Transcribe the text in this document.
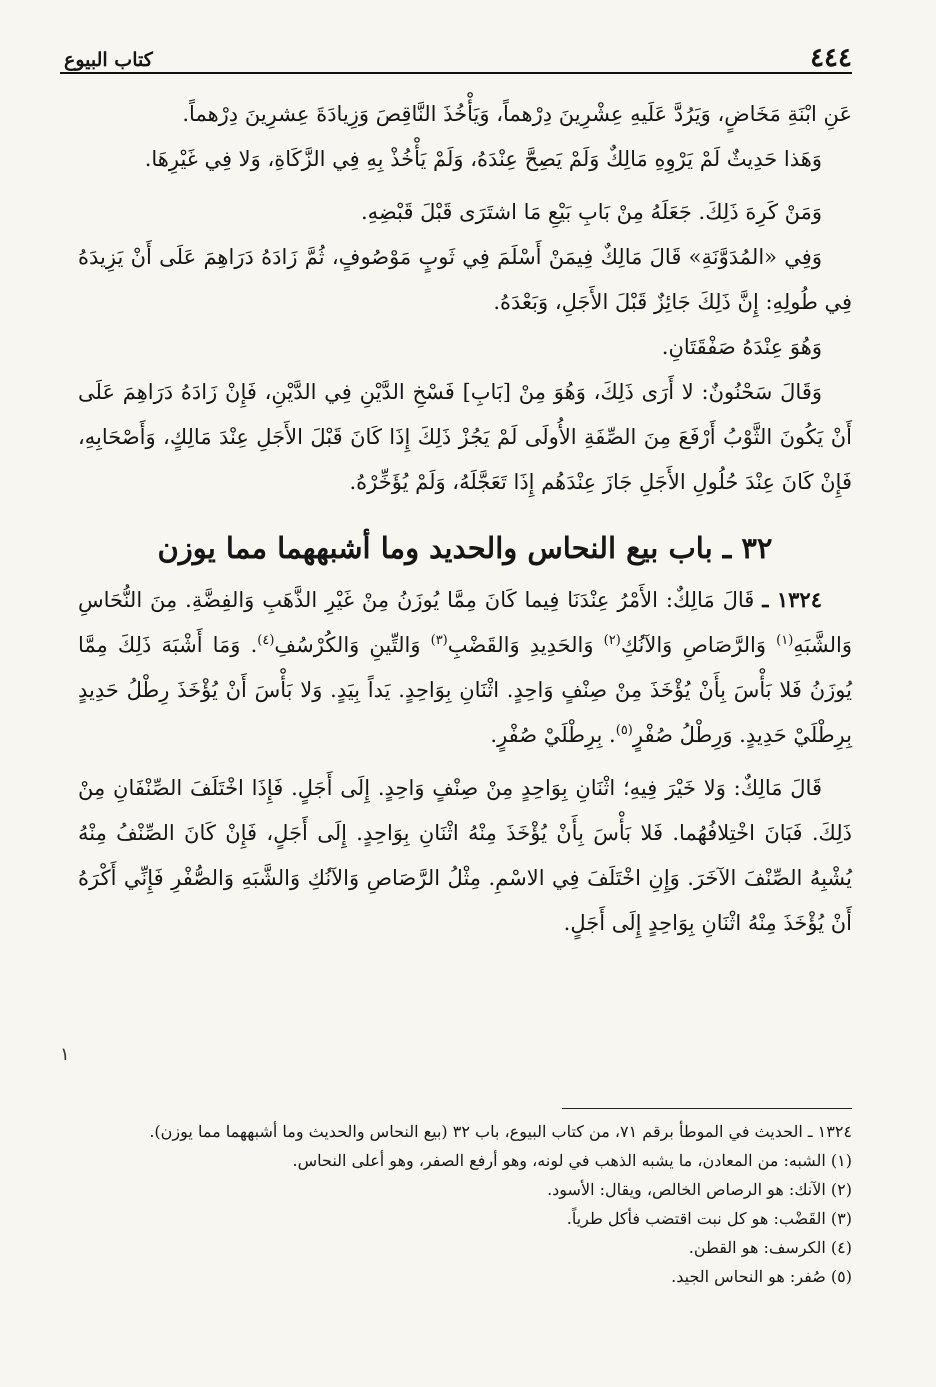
٤٤٤
كتاب البيوع

عَنِ ابْنَةِ مَخَاضٍ، وَيَرُدَّ عَلَيهِ عِشْرِينَ دِرْهماً، وَيَأْخُذَ النَّاقِصَ وَزِيادَةَ عِشرِينَ دِرْهماً.

وَهَذا حَدِيثٌ لَمْ يَرْوِهِ مَالِكٌ وَلَمْ يَصِحَّ عِنْدَهُ، وَلَمْ يَأْخُذْ بِهِ فِي الزَّكَاةِ، وَلا فِي غَيْرِهَا.

وَمَنْ كَرِهَ ذَلِكَ. جَعَلَهُ مِنْ بَابِ بَيْعِ مَا اشتَرَى قَبْلَ قَبْضِهِ.

وَفِي «المُدَوَّنَةِ» قَالَ مَالِكٌ فِيمَنْ أَسْلَمَ فِي ثَوبٍ مَوْصُوفٍ، ثُمَّ زَادَهُ دَرَاهِمَ عَلَى أَنْ يَزِيدَهُ فِي طُولِهِ: إِنَّ ذَلِكَ جَائِزٌ قَبْلَ الأَجَلِ، وَبَعْدَهُ.

وَهُوَ عِنْدَهُ صَفْقَتَانِ.

وَقَالَ سَحْنُونٌ: لا أَرَى ذَلِكَ، وَهُوَ مِنْ [بَابِ] فَسْخِ الدَّيْنِ فِي الدَّيْنِ، فَإِنْ زَادَهُ دَرَاهِمَ عَلَى أَنْ يَكُونَ الثَّوْبُ أَرْفَعَ مِنَ الصِّفَةِ الأُولَى لَمْ يَجُزْ ذَلِكَ إِذَا كَانَ قَبْلَ الأَجَلِ عِنْدَ مَالِكٍ، وَأَصْحَابِهِ، فَإِنْ كَانَ عِنْدَ حُلُولِ الأَجَلِ جَازَ عِنْدَهُم إِذَا تَعَجَّلَهُ، وَلَمْ يُؤَخِّرْهُ.

٣٢ ـ باب بيع النحاس والحديد وما أشبههما مما يوزن

١٣٢٤ ـ قَالَ مَالِكٌ: الأَمْرُ عِنْدَنَا فِيما كَانَ مِمَّا يُوزَنُ مِنْ غَيْرِ الذَّهَبِ وَالفِضَّةِ. مِنَ النُّحَاسِ وَالشَّبَهِ$^{(١)}$ وَالرَّصَاصِ وَالآنُكِ$^{(٢)}$ وَالحَدِيدِ وَالقَضْبِ$^{(٣)}$ وَالتِّينِ وَالكُرْسُفِ$^{(٤)}$. وَمَا أَشْبَهَ ذَلِكَ مِمَّا يُوزَنُ فَلا بَأْسَ بِأَنْ يُؤْخَذَ مِنْ صِنْفٍ وَاحِدٍ. اثْنَانِ بِوَاحِدٍ. يَداً بِيَدٍ. وَلا بَأْسَ أَنْ يُؤْخَذَ رِطْلُ حَدِيدٍ بِرِطْلَيْ حَدِيدٍ. وَرِطْلُ صُفْرٍ$^{(٥)}$. بِرِطْلَيْ صُفْرٍ.

قَالَ مَالِكٌ: وَلا خَيْرَ فِيهِ؛ اثْنَانِ بِوَاحِدٍ مِنْ صِنْفٍ وَاحِدٍ. إِلَى أَجَلٍ. فَإِذَا اخْتَلَفَ الصِّنْفَانِ مِنْ ذَلِكَ. فَبَانَ اخْتِلافُهُما. فَلا بَأْسَ بِأَنْ يُؤْخَذَ مِنْهُ اثْنَانِ بِوَاحِدٍ. إِلَى أَجَلٍ، فَإِنْ كَانَ الصِّنْفُ مِنْهُ يُشْبِهُ الصِّنْفَ الآخَرَ. وَإِنِ اخْتَلَفَ فِي الاسْمِ. مِثْلُ الرَّصَاصِ وَالآنُكِ وَالشَّبَهِ وَالصُّفْرِ فَإِنِّي أَكْرَهُ أَنْ يُؤْخَذَ مِنْهُ اثْنَانِ بِوَاحِدٍ إِلَى أَجَلٍ.

١

١٣٢٤ ـ الحديث في الموطأ برقم ٧١، من كتاب البيوع، باب ٣٢ (بيع النحاس والحديث وما أشبههما مما يوزن).

(١) الشبه: من المعادن، ما يشبه الذهب في لونه، وهو أرفع الصفر، وهو أعلى النحاس.

(٢) الآنك: هو الرصاص الخالص، ويقال: الأسود.

(٣) القَضْب: هو كل نبت اقتضب فأكل طرياً.

(٤) الكرسف: هو القطن.

(٥) صُفر: هو النحاس الجيد.
